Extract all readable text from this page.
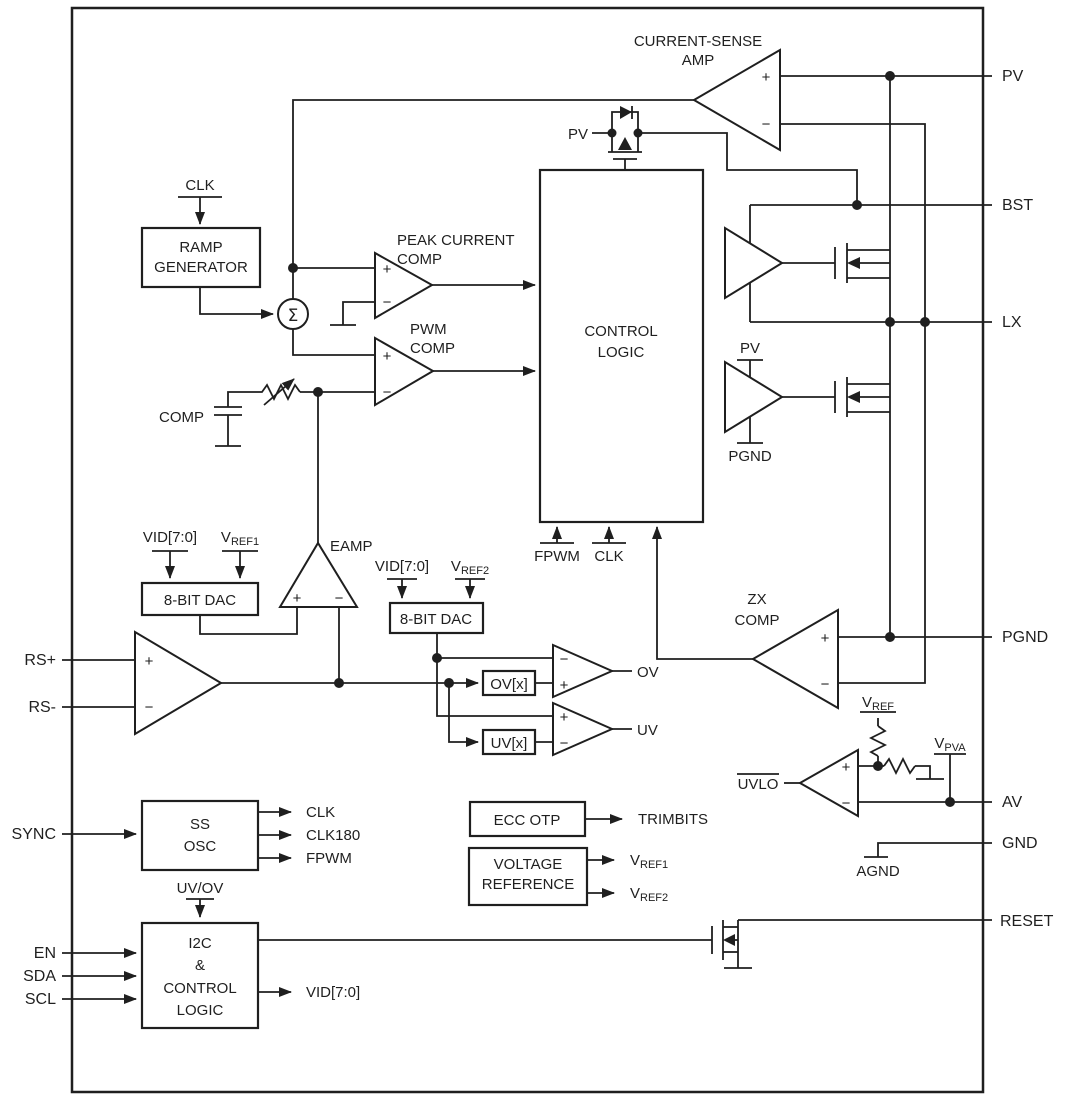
PV
BST
LX
PGND
AV
GND
RESET
RS+
RS-
SYNC
EN
SDA
SCL
RAMP
GENERATOR
CONTROL
LOGIC
8-BIT DAC
8-BIT DAC
OV[x]
UV[x]
SS
OSC
I2C
&
CONTROL
LOGIC
ECC OTP
VOLTAGE
REFERENCE
CURRENT-SENSE
AMP
PEAK CURRENT
COMP
PWM
COMP
EAMP
ZX
COMP
UVLO
CLK
COMP
OV
UV
FPWM CLK
PV
PV
PGND
VID[7:0]
VID[7:0]
CLK
CLK180
FPWM
TRIMBITS
UV/OV
VID[7:0]
AGND
$V_{REF1}$
$V_{REF2}$
$V_{REF1}$
$V_{REF2}$
$V_{REF}$
$V_{PVA}$
+
−
+
−
+
−
+ −
+
−
−
+
+
−
+
−
+
−
Σ
